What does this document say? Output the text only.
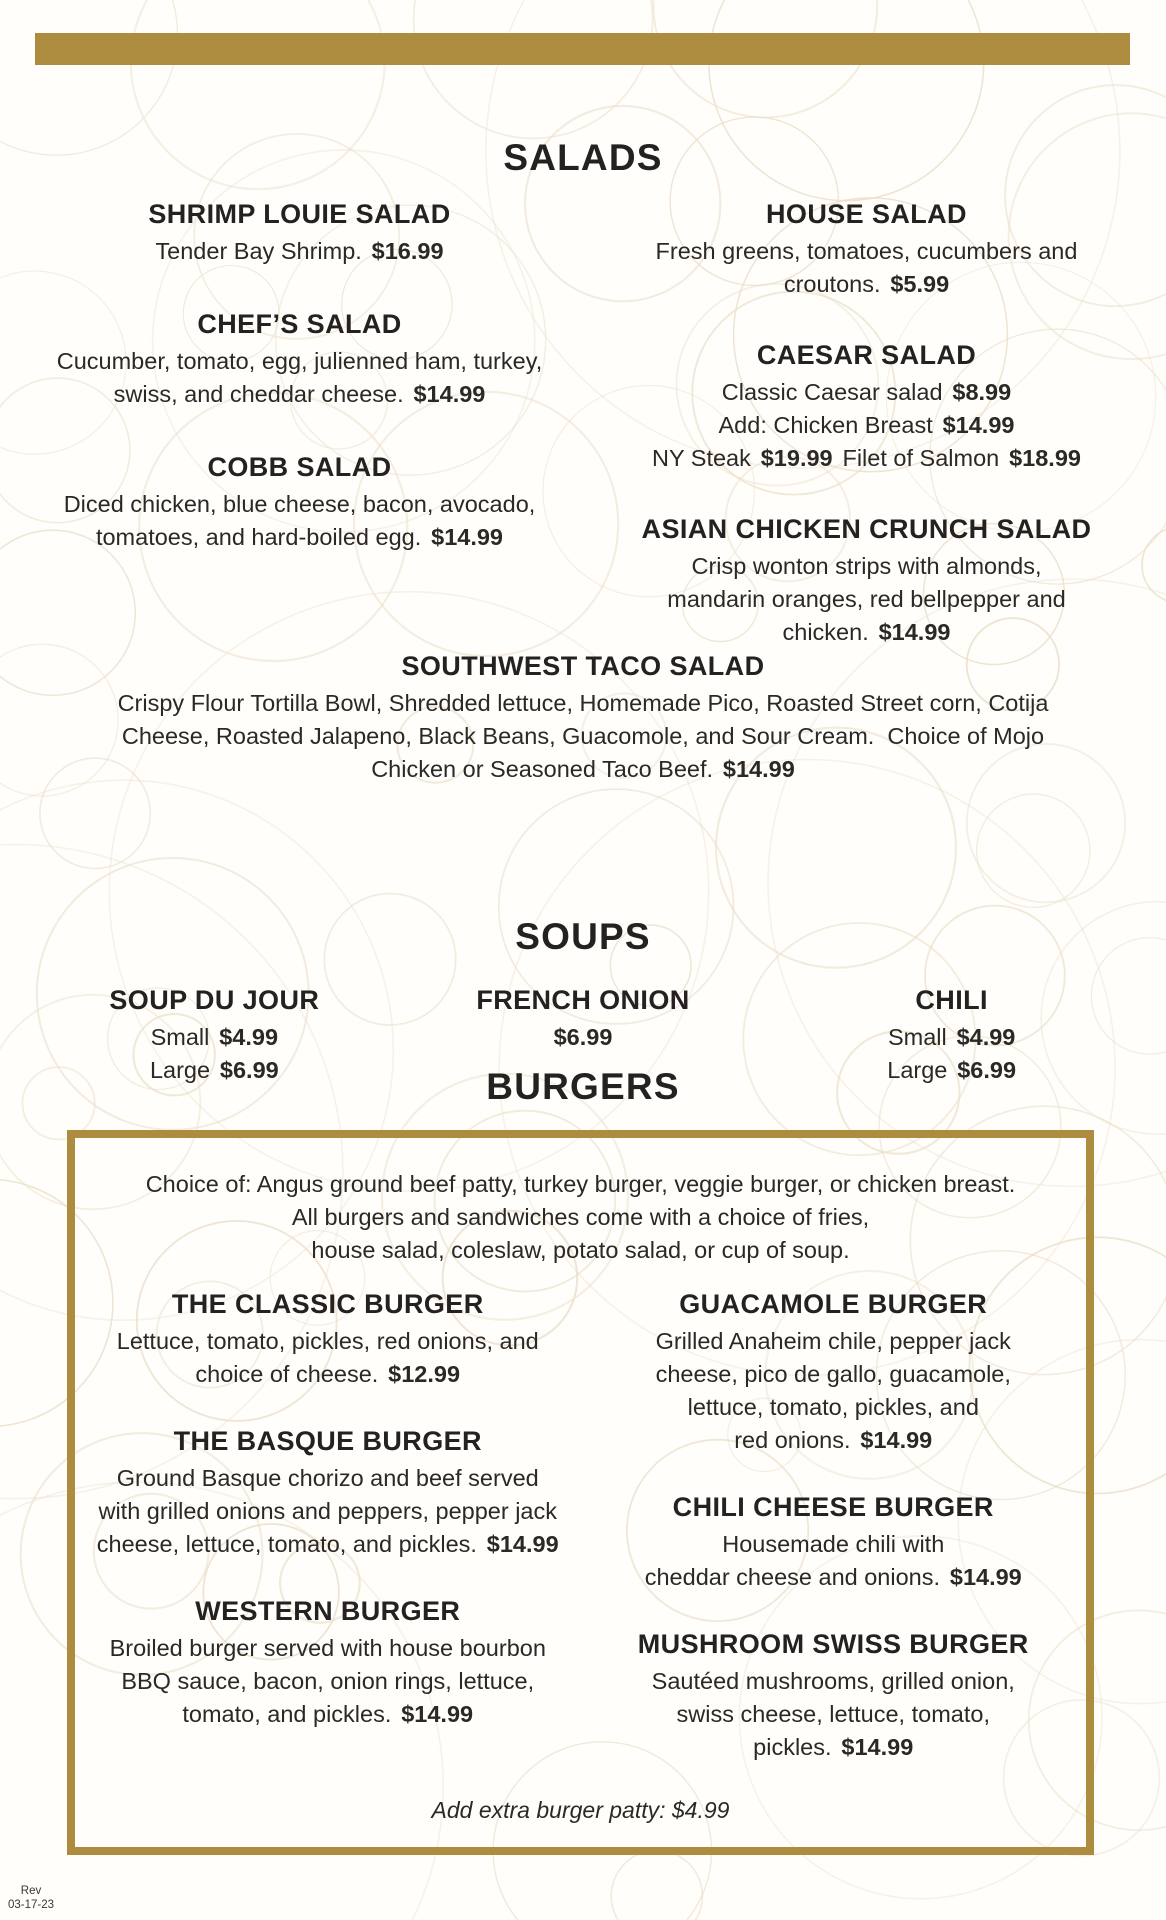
SALADS
SHRIMP LOUIE SALAD
Tender Bay Shrimp. $16.99
CHEF’S SALAD
Cucumber, tomato, egg, julienned ham, turkey,
swiss, and cheddar cheese. $14.99
COBB SALAD
Diced chicken, blue cheese, bacon, avocado,
tomatoes, and hard-boiled egg. $14.99
HOUSE SALAD
Fresh greens, tomatoes, cucumbers and
croutons. $5.99
CAESAR SALAD
Classic Caesar salad $8.99
Add: Chicken Breast $14.99
NY Steak $19.99 Filet of Salmon $18.99
ASIAN CHICKEN CRUNCH SALAD
Crisp wonton strips with almonds,
mandarin oranges, red bellpepper and
chicken. $14.99
SOUTHWEST TACO SALAD
Crispy Flour Tortilla Bowl, Shredded lettuce, Homemade Pico, Roasted Street corn, Cotija
Cheese, Roasted Jalapeno, Black Beans, Guacomole, and Sour Cream.  Choice of Mojo
Chicken or Seasoned Taco Beef. $14.99
SOUPS
SOUP DU JOUR
Small $4.99
Large $6.99
FRENCH ONION
$6.99
CHILI
Small $4.99
Large $6.99
BURGERS
Choice of: Angus ground beef patty, turkey burger, veggie burger, or chicken breast.
All burgers and sandwiches come with a choice of fries,
house salad, coleslaw, potato salad, or cup of soup.
THE CLASSIC BURGER
Lettuce, tomato, pickles, red onions, and
choice of cheese. $12.99
THE BASQUE BURGER
Ground Basque chorizo and beef served
with grilled onions and peppers, pepper jack
cheese, lettuce, tomato, and pickles. $14.99
WESTERN BURGER
Broiled burger served with house bourbon
BBQ sauce, bacon, onion rings, lettuce,
tomato, and pickles. $14.99
GUACAMOLE BURGER
Grilled Anaheim chile, pepper jack
cheese, pico de gallo, guacamole,
lettuce, tomato, pickles, and
red onions. $14.99
CHILI CHEESE BURGER
Housemade chili with
cheddar cheese and onions. $14.99
MUSHROOM SWISS BURGER
Sautéed mushrooms, grilled onion,
swiss cheese, lettuce, tomato,
pickles. $14.99
Add extra burger patty: $4.99
Rev
03-17-23
